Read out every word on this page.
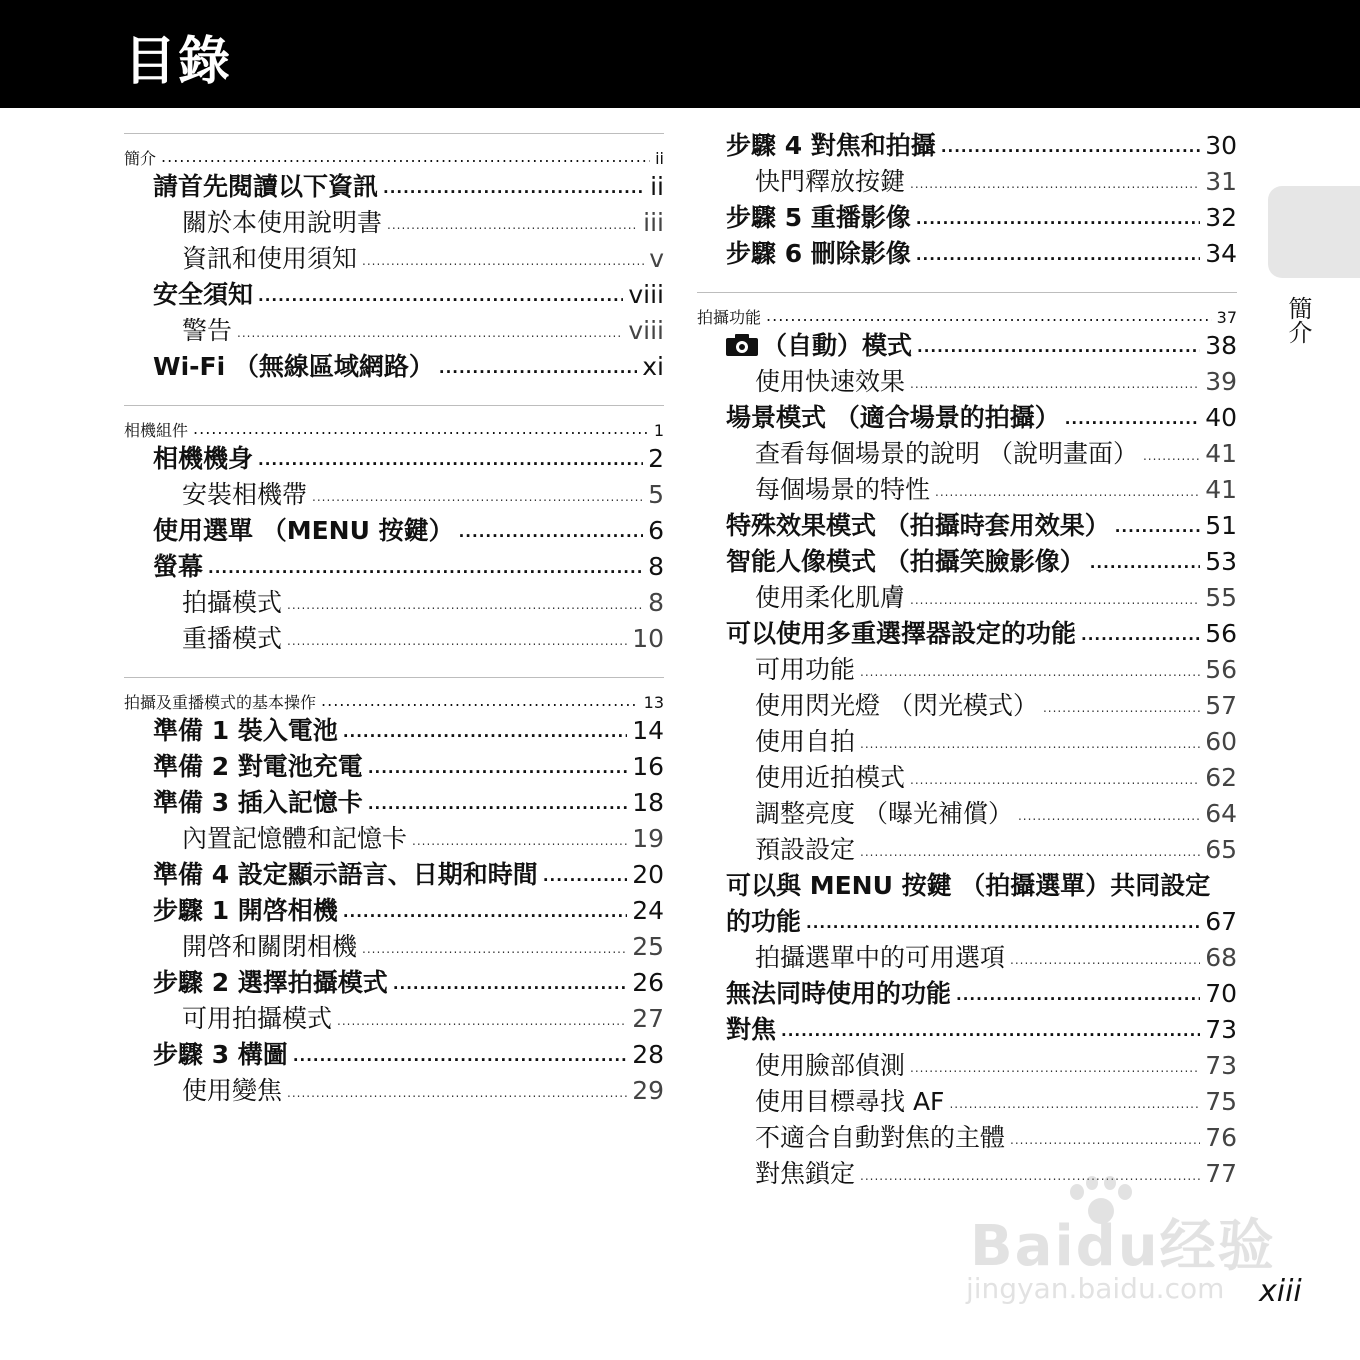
目錄
簡介 .....	ii
請首先閱讀以下資訊 .....	ii
關於本使用說明書 .....	iii
資訊和使用須知 .....	v
安全須知 .....	viii
警告 .....	viii
Wi-Fi （無線區域網路） .....	xi
相機組件 .....	1
相機機身 .....	2
安裝相機帶 .....	5
使用選單 （MENU 按鍵） .....	6
螢幕 .....	8
拍攝模式 .....	8
重播模式 .....	10
拍攝及重播模式的基本操作 .....	13
準備 1 裝入電池 .....	14
準備 2 對電池充電 .....	16
準備 3 插入記憶卡 .....	18
內置記憶體和記憶卡 .....	19
準備 4 設定顯示語言、日期和時間 .....	20
步驟 1 開啓相機 .....	24
開啓和關閉相機 .....	25
步驟 2 選擇拍攝模式 .....	26
可用拍攝模式 .....	27
步驟 3 構圖 .....	28
使用變焦 .....	29
步驟 4 對焦和拍攝 .....	30
快門釋放按鍵 .....	31
步驟 5 重播影像 .....	32
步驟 6 刪除影像 .....	34
拍攝功能 .....	37
（自動）模式 .....	38
使用快速效果 .....	39
場景模式 （適合場景的拍攝） .....	40
查看每個場景的說明 （說明畫面） .....	41
每個場景的特性 .....	41
特殊效果模式 （拍攝時套用效果） .....	51
智能人像模式 （拍攝笑臉影像） .....	53
使用柔化肌膚 .....	55
可以使用多重選擇器設定的功能 .....	56
可用功能 .....	56
使用閃光燈 （閃光模式） .....	57
使用自拍 .....	60
使用近拍模式 .....	62
調整亮度 （曝光補償） .....	64
預設設定 .....	65
可以與 MENU 按鍵 （拍攝選單）共同設定
的功能 .....	67
拍攝選單中的可用選項 .....	68
無法同時使用的功能 .....	70
對焦 .....	73
使用臉部偵測 .....	73
使用目標尋找 AF .....	75
不適合自動對焦的主體 .....	76
對焦鎖定 .....	77
簡介
xiii
Baidu经验
jingyan.baidu.com
